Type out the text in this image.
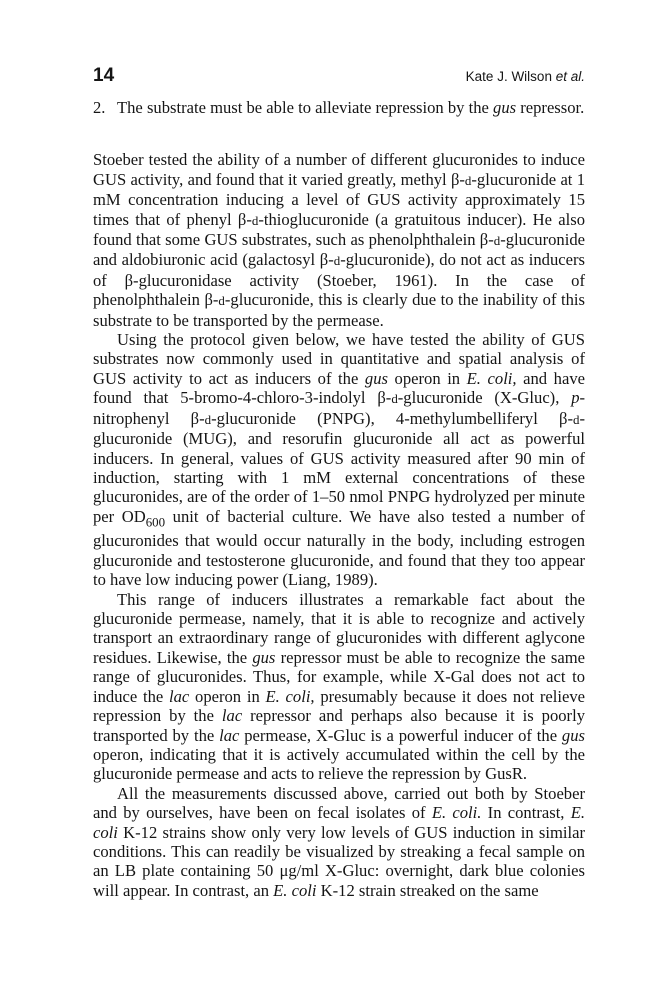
14	Kate J. Wilson et al.
2. The substrate must be able to alleviate repression by the gus repressor.

Stoeber tested the ability of a number of different glucuronides to induce GUS activity, and found that it varied greatly, methyl β-d-glucuronide at 1 mM concentration inducing a level of GUS activity approximately 15 times that of phenyl β-d-thioglucuronide (a gratuitous inducer). He also found that some GUS substrates, such as phenolphthalein β-d-glucuronide and aldobiuronic acid (galactosyl β-d-glucuronide), do not act as inducers of β-glucuronidase activity (Stoeber, 1961). In the case of phenolphthalein β-d-glucuronide, this is clearly due to the inability of this substrate to be transported by the permease.

Using the protocol given below, we have tested the ability of GUS substrates now commonly used in quantitative and spatial analysis of GUS activity to act as inducers of the gus operon in E. coli, and have found that 5-bromo-4-chloro-3-indolyl β-d-glucuronide (X-Gluc), p-nitrophenyl β-d-glucuronide (PNPG), 4-methylumbelliferyl β-d-glucuronide (MUG), and resorufin glucuronide all act as powerful inducers. In general, values of GUS activity measured after 90 min of induction, starting with 1 mM external concentrations of these glucuronides, are of the order of 1–50 nmol PNPG hydrolyzed per minute per $OD_{600}$ unit of bacterial culture. We have also tested a number of glucuronides that would occur naturally in the body, including estrogen glucuronide and testosterone glucuronide, and found that they too appear to have low inducing power (Liang, 1989).

This range of inducers illustrates a remarkable fact about the glucuronide permease, namely, that it is able to recognize and actively transport an extraordinary range of glucuronides with different aglycone residues. Likewise, the gus repressor must be able to recognize the same range of glucuronides. Thus, for example, while X-Gal does not act to induce the lac operon in E. coli, presumably because it does not relieve repression by the lac repressor and perhaps also because it is poorly transported by the lac permease, X-Gluc is a powerful inducer of the gus operon, indicating that it is actively accumulated within the cell by the glucuronide permease and acts to relieve the repression by GusR.

All the measurements discussed above, carried out both by Stoeber and by ourselves, have been on fecal isolates of E. coli. In contrast, E. coli K-12 strains show only very low levels of GUS induction in similar conditions. This can readily be visualized by streaking a fecal sample on an LB plate containing 50 μg/ml X-Gluc: overnight, dark blue colonies will appear. In contrast, an E. coli K-12 strain streaked on the same
